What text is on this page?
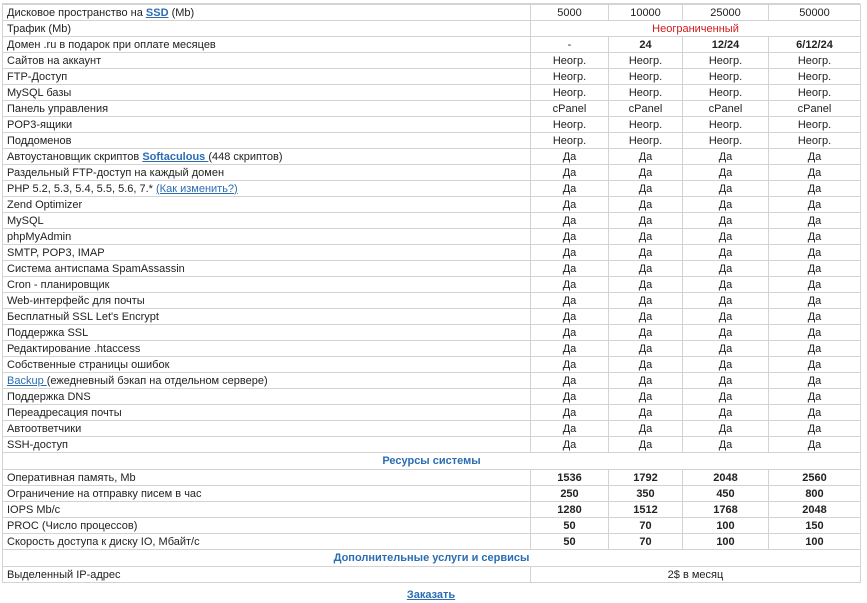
Дисковое пространство на SSD (Mb)	5000	10000	25000	50000
Трафик (Mb)	Неограниченный			
Домен .ru в подарок при оплате месяцев	-	24	12/24	6/12/24
Сайтов на аккаунт	Неогр.	Неогр.	Неогр.	Неогр.
FTP-Доступ	Неогр.	Неогр.	Неогр.	Неогр.
MySQL базы	Неогр.	Неогр.	Неогр.	Неогр.
Панель управления	cPanel	cPanel	cPanel	cPanel
POP3-ящики	Неогр.	Неогр.	Неогр.	Неогр.
Поддоменов	Неогр.	Неогр.	Неогр.	Неогр.
Автоустановщик скриптов Softaculous (448 скриптов)	Да	Да	Да	Да
Раздельный FTP-доступ на каждый домен	Да	Да	Да	Да
PHP 5.2, 5.3, 5.4, 5.5, 5.6, 7.* (Как изменить?)	Да	Да	Да	Да
Zend Optimizer	Да	Да	Да	Да
MySQL	Да	Да	Да	Да
phpMyAdmin	Да	Да	Да	Да
SMTP, POP3, IMAP	Да	Да	Да	Да
Система антиспама SpamAssassin	Да	Да	Да	Да
Cron - планировщик	Да	Да	Да	Да
Web-интерфейс для почты	Да	Да	Да	Да
Бесплатный SSL Let's Encrypt	Да	Да	Да	Да
Поддержка SSL	Да	Да	Да	Да
Редактирование .htaccess	Да	Да	Да	Да
Собственные страницы ошибок	Да	Да	Да	Да
Backup (ежедневный бэкап на отдельном сервере)	Да	Да	Да	Да
Поддержка DNS	Да	Да	Да	Да
Переадресация почты	Да	Да	Да	Да
Автоответчики	Да	Да	Да	Да
SSH-доступ	Да	Да	Да	Да
Ресурсы системы				
Оперативная память, Mb	1536	1792	2048	2560
Ограничение на отправку писем в час	250	350	450	800
IOPS Mb/c	1280	1512	1768	2048
PROC (Число процессов)	50	70	100	150
Скорость доступа к диску IO, Мбайт/с	50	70	100	100
Дополнительные услуги и сервисы				
Выделенный IP-адрес	2$ в месяц			
Заказать
